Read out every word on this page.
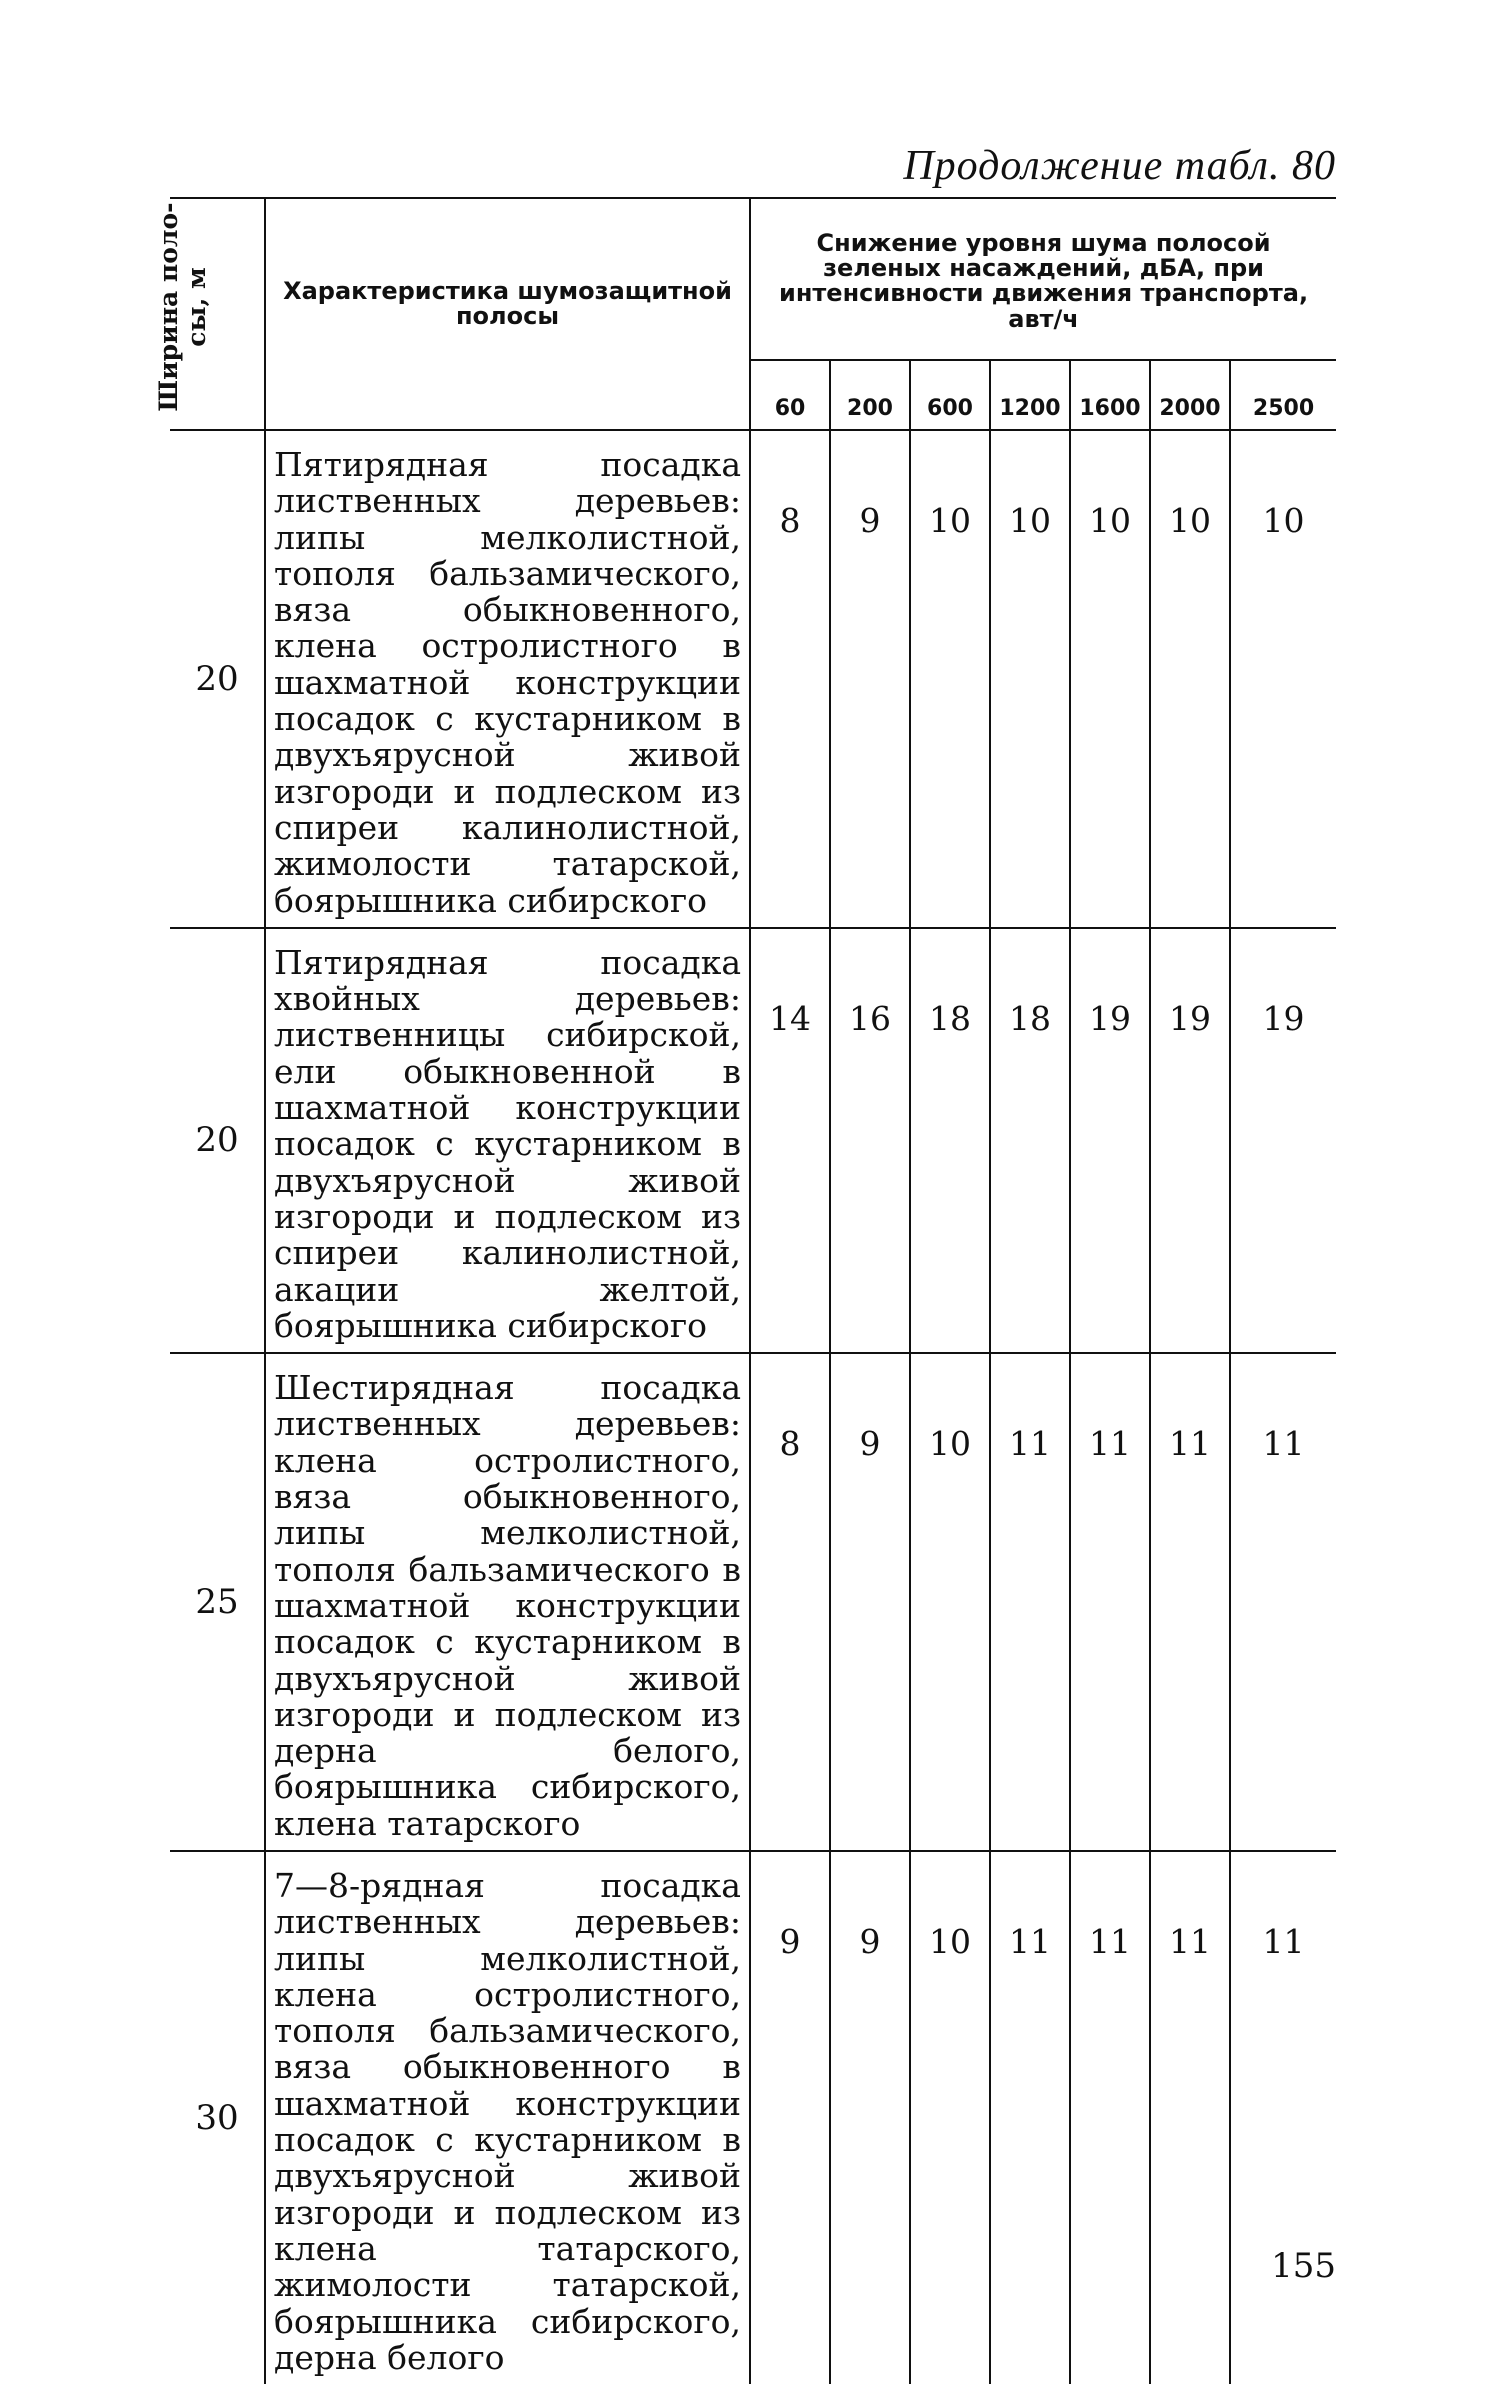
Продолжение табл. 80
Ширина поло-
сы, м	Характеристика шумозащитной полосы	Снижение уровня шума полосой зеленых насаждений, дБА, при интенсивности движения транспорта, авт/ч						

		60	200	600	1200	1600	2000	2500
20	Пятирядная посадка лиственных деревьев: липы мелколистной, тополя бальзамического, вяза обыкновенного, клена остролистного в шахматной конструкции посадок с кустарником в двухъярусной живой изгороди и подлеском из спиреи калинолистной, жимолости татарской, боярышника сибирского	8	9	10	10	10	10	10
20	Пятирядная посадка хвойных деревьев: лиственницы сибирской, ели обыкновенной в шахматной конструкции посадок с кустарником в двухъярусной живой изгороди и подлеском из спиреи калинолистной, акации желтой, боярышника сибирского	14	16	18	18	19	19	19
25	Шестирядная посадка лиственных деревьев: клена остролистного, вяза обыкновенного, липы мелколистной, тополя бальзамического в шахматной конструкции посадок с кустарником в двухъярусной живой изгороди и подлеском из дерна белого, боярышника сибирского, клена татарского	8	9	10	11	11	11	11
30	7—8-рядная посадка лиственных деревьев: липы мелколистной, клена остролистного, тополя бальзамического, вяза обыкновенного в шахматной конструкции посадок с кустарником в двухъярусной живой изгороди и подлеском из клена татарского, жимолости татарской, боярышника сибирского, дерна белого	9	9	10	11	11	11	11
155
